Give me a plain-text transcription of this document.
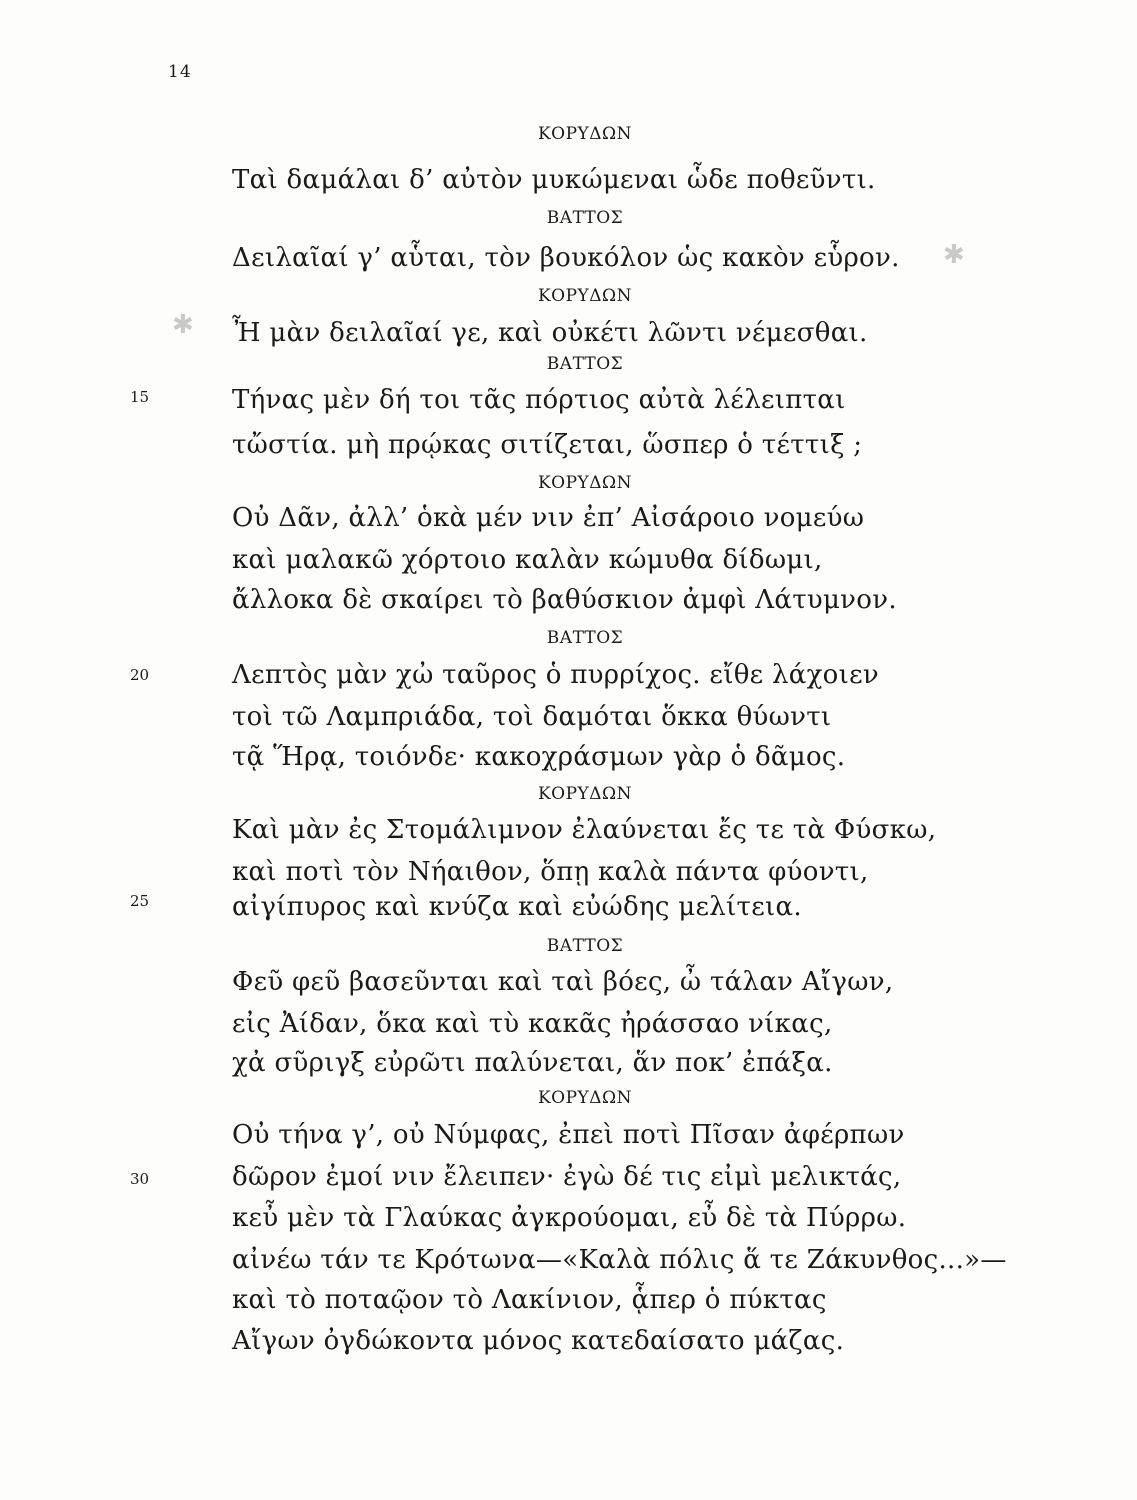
14
✱
✱
ΚΟΡΥΔΩΝ
Ταὶ δαμάλαι δ’ αὐτὸν μυκώμεναι ὧδε ποθεῦντι.
ΒΑΤΤΟΣ
Δειλαῖαί γ’ αὗται, τὸν βουκόλον ὡς κακὸν εὗρον.
ΚΟΡΥΔΩΝ
Ἦ μὰν δειλαῖαί γε, καὶ οὐκέτι λῶντι νέμεσθαι.
ΒΑΤΤΟΣ
15	Τήνας μὲν δή τοι τᾶς πόρτιος αὐτὰ λέλειπται
τὤστία. μὴ πρῴκας σιτίζεται, ὥσπερ ὁ τέττιξ ;
ΚΟΡΥΔΩΝ
Οὐ Δᾶν, ἀλλ’ ὁκὰ μέν νιν ἐπ’ Αἰσάροιο νομεύω
καὶ μαλακῶ χόρτοιο καλὰν κώμυθα δίδωμι,
ἄλλοκα δὲ σκαίρει τὸ βαθύσκιον ἀμφὶ Λάτυμνον.
ΒΑΤΤΟΣ
20	Λεπτὸς μὰν χὠ ταῦρος ὁ πυρρίχος. εἴθε λάχοιεν
τοὶ τῶ Λαμπριάδα, τοὶ δαμόται ὅκκα θύωντι
τᾷ Ἥρᾳ, τοιόνδε· κακοχράσμων γὰρ ὁ δᾶμος.
ΚΟΡΥΔΩΝ
Καὶ μὰν ἐς Στομάλιμνον ἐλαύνεται ἔς τε τὰ Φύσκω,
καὶ ποτὶ τὸν Νήαιθον, ὅπῃ καλὰ πάντα φύοντι,
25	αἰγίπυρος καὶ κνύζα καὶ εὐώδης μελίτεια.
ΒΑΤΤΟΣ
Φεῦ φεῦ βασεῦνται καὶ ταὶ βόες, ὦ τάλαν Αἴγων,
εἰς Ἀίδαν, ὅκα καὶ τὺ κακᾶς ἠράσσαο νίκας,
χἀ σῦριγξ εὐρῶτι παλύνεται, ἅν ποκ’ ἐπάξα.
ΚΟΡΥΔΩΝ
Οὐ τήνα γ’, οὐ Νύμφας, ἐπεὶ ποτὶ Πῖσαν ἀφέρπων
30	δῶρον ἐμοί νιν ἔλειπεν· ἐγὼ δέ τις εἰμὶ μελικτάς,
κεὖ μὲν τὰ Γλαύκας ἀγκρούομαι, εὖ δὲ τὰ Πύρρω.
αἰνέω τάν τε Κρότωνα—«Καλὰ πόλις ἅ τε Ζάκυνθος...»—
καὶ τὸ ποταῷον τὸ Λακίνιον, ᾇπερ ὁ πύκτας
Αἴγων ὀγδώκοντα μόνος κατεδαίσατο μάζας.
